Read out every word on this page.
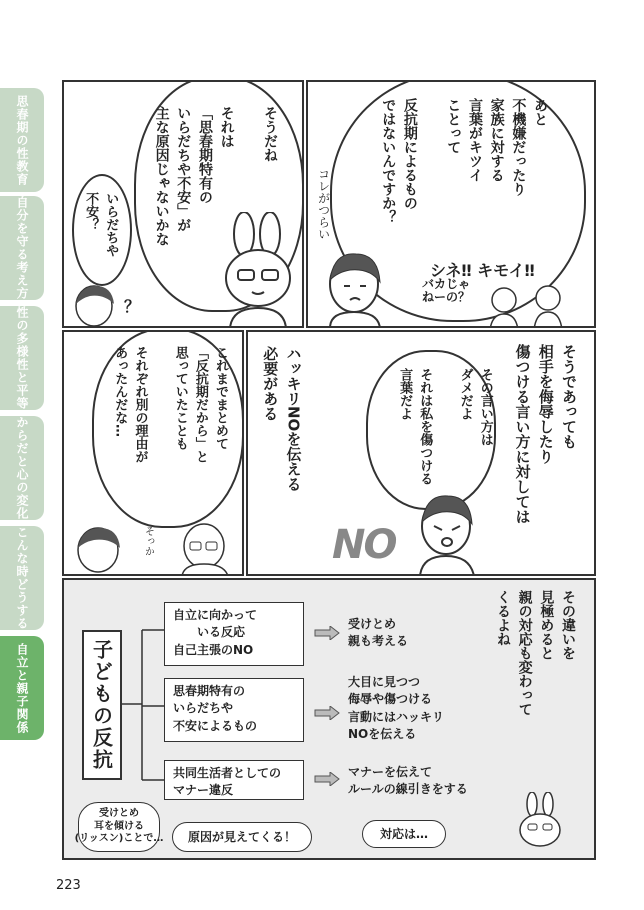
思春期の性教育
自分を守る考え方
性の多様性と平等
からだと心の変化
こんな時どうする
自立と親子関係
あと
不機嫌だったり
家族に対する
言葉がキツイ
ことって

反抗期によるもの
ではないんですか？
コレがつらい
シネ‼ キモイ‼
バカじゃ
ねーの？
そうだね

それは
「思春期特有の
いらだちや不安」が
主な原因じゃないかな
いらだちや
不安？
？
そうであっても
相手を侮辱したり
傷つける言い方に対しては
その言い方は
ダメだよ

それは私を傷つける
言葉だよ
ハッキリNOを伝える
必要がある
NO
これまでまとめて
「反抗期だから」と
思っていたことも

それぞれ別の理由が
あったんだな…
そっか
子どもの反抗
自立に向かって
　　いる反応
自己主張のNO
思春期特有の
いらだちや
不安によるもの
共同生活者としての
マナー違反
受けとめ
親も考える
大目に見つつ
侮辱や傷つける
言動にはハッキリ
NOを伝える
マナーを伝えて
ルールの線引きをする
その違いを
見極めると
親の対応も変わって
くるよね
受けとめ
耳を傾ける
(リッスン)ことで…	原因が見えてくる！	対応は…
223
